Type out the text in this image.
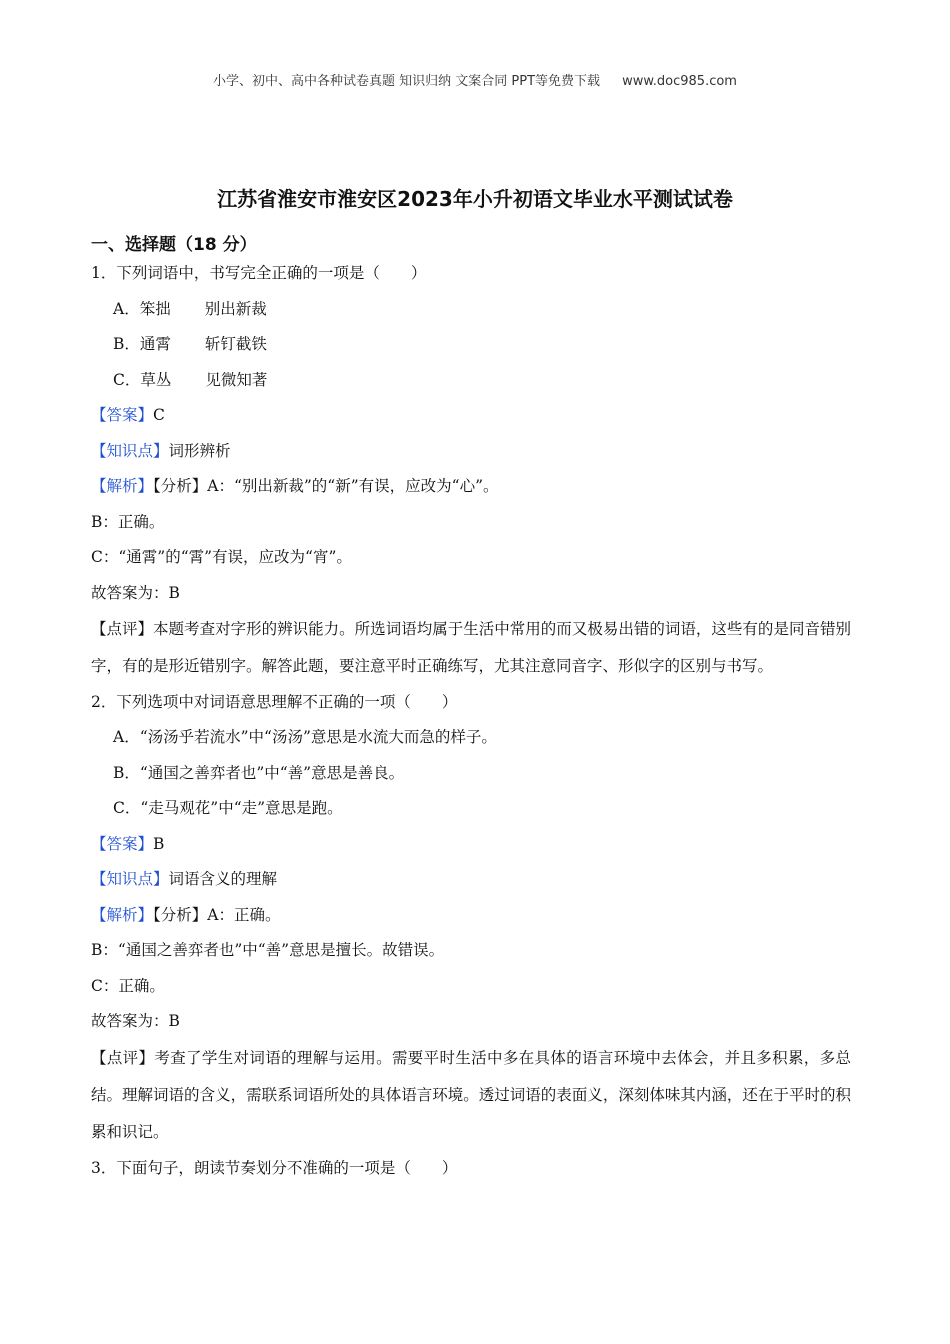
小学、初中、高中各种试卷真题 知识归纳 文案合同 PPT等免费下载 www.doc985.com
江苏省淮安市淮安区2023年小升初语文毕业水平测试试卷
一、选择题（18 分）
1．下列词语中，书写完全正确的一项是（　　）
A．笨拙 别出新裁
B．通霄 斩钉截铁
C．草丛 见微知著
【答案】C
【知识点】词形辨析
【解析】【分析】A：“别出新裁”的“新”有误，应改为“心”。
B：正确。
C：“通霄”的“霄”有误，应改为“宵”。
故答案为：B
【点评】本题考查对字形的辨识能力。所选词语均属于生活中常用的而又极易出错的词语，这些有的是同音错别字，有的是形近错别字。解答此题，要注意平时正确练写，尤其注意同音字、形似字的区别与书写。
2．下列选项中对词语意思理解不正确的一项（　　）
A．“汤汤乎若流水”中“汤汤”意思是水流大而急的样子。
B．“通国之善弈者也”中“善”意思是善良。
C．“走马观花”中“走”意思是跑。
【答案】B
【知识点】词语含义的理解
【解析】【分析】A：正确。
B：“通国之善弈者也”中“善”意思是擅长。故错误。
C：正确。
故答案为：B
【点评】考查了学生对词语的理解与运用。需要平时生活中多在具体的语言环境中去体会，并且多积累，多总结。理解词语的含义，需联系词语所处的具体语言环境。透过词语的表面义，深刻体味其内涵，还在于平时的积累和识记。
3．下面句子，朗读节奏划分不准确的一项是（　　）
